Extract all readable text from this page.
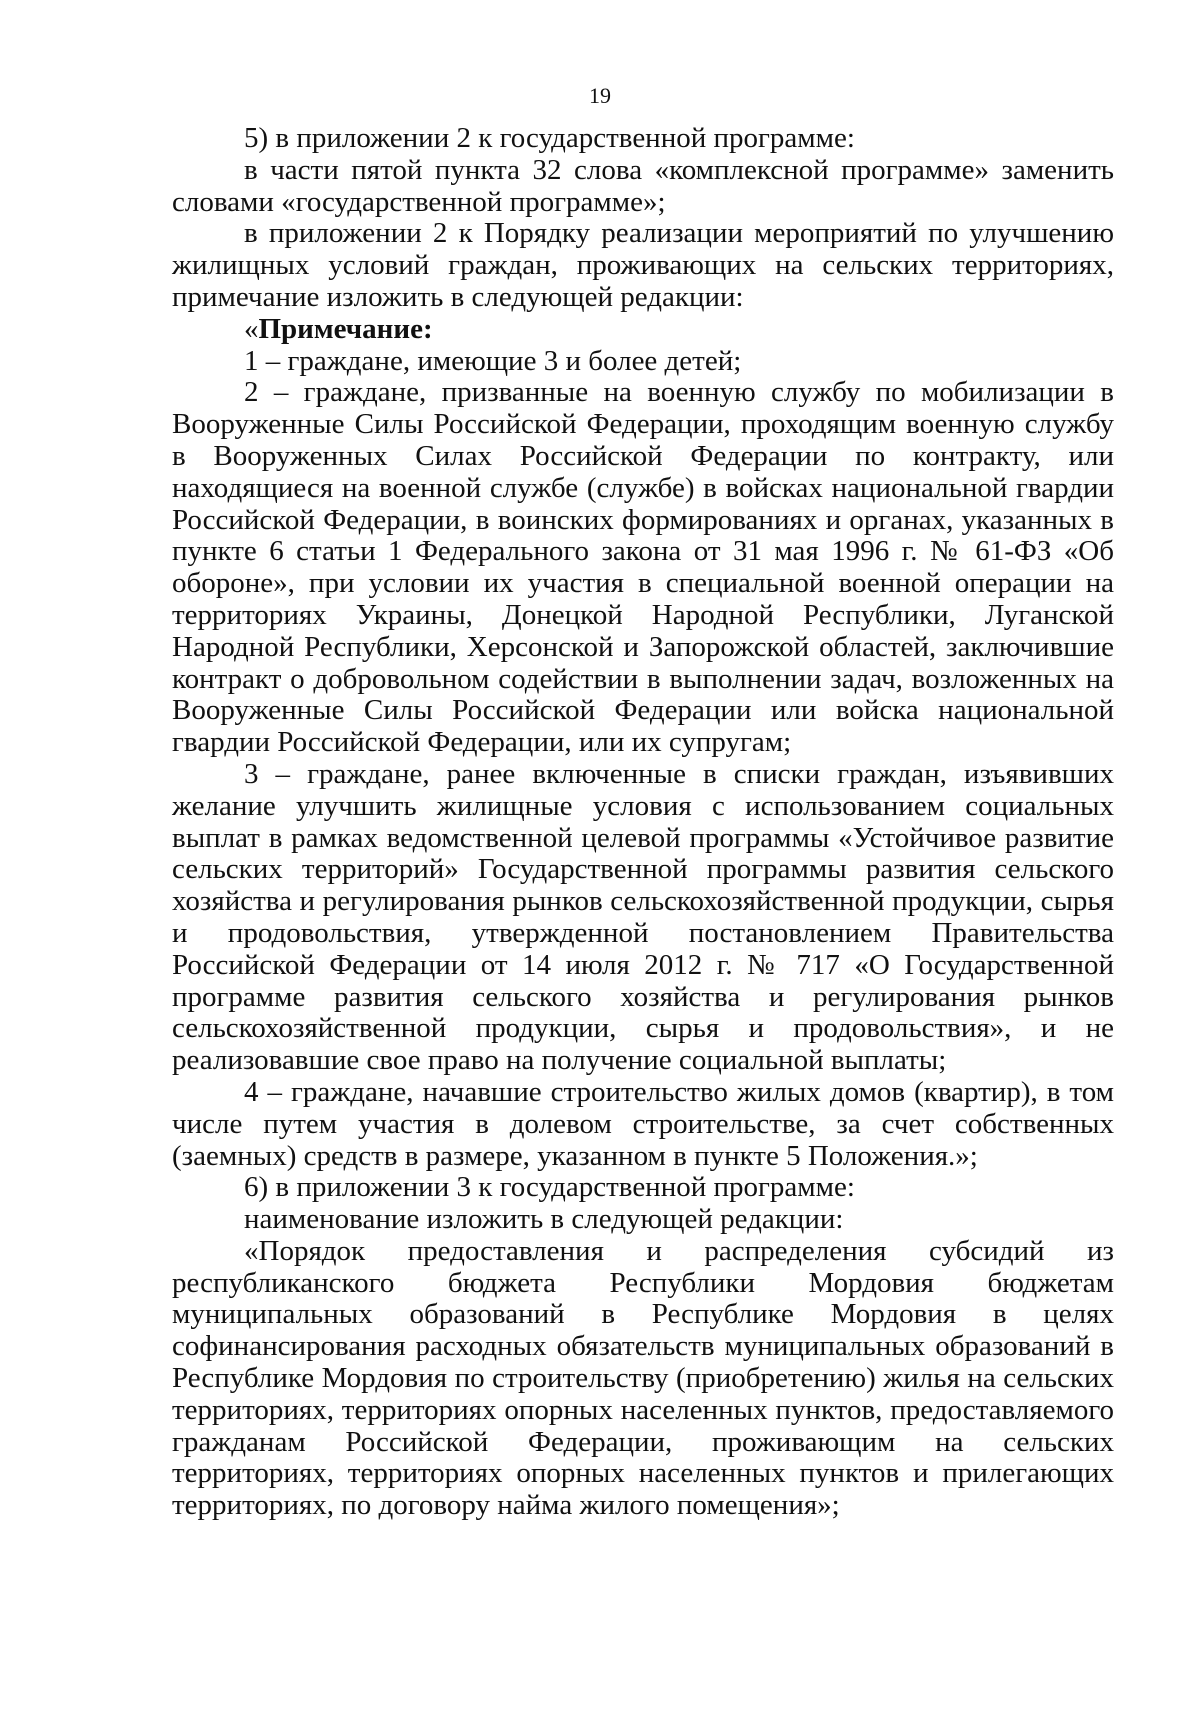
19

5) в приложении 2 к государственной программе:

в части пятой пункта 32 слова «комплексной программе» заменить словами «государственной программе»;

в приложении 2 к Порядку реализации мероприятий по улучшению жилищных условий граждан, проживающих на сельских территориях, примечание изложить в следующей редакции:

«Примечание:

1 – граждане, имеющие 3 и более детей;

2 – граждане, призванные на военную службу по мобилизации в Вооруженные Силы Российской Федерации, проходящим военную службу в Вооруженных Силах Российской Федерации по контракту, или находящиеся на военной службе (службе) в войсках национальной гвардии Российской Федерации, в воинских формированиях и органах, указанных в пункте 6 статьи 1 Федерального закона от 31 мая 1996 г. № 61-ФЗ «Об обороне», при условии их участия в специальной военной операции на территориях Украины, Донецкой Народной Республики, Луганской Народной Республики, Херсонской и Запорожской областей, заключившие контракт о добровольном содействии в выполнении задач, возложенных на Вооруженные Силы Российской Федерации или войска национальной гвардии Российской Федерации, или их супругам;

3 – граждане, ранее включенные в списки граждан, изъявивших желание улучшить жилищные условия с использованием социальных выплат в рамках ведомственной целевой программы «Устойчивое развитие сельских территорий» Государственной программы развития сельского хозяйства и регулирования рынков сельскохозяйственной продукции, сырья и продовольствия, утвержденной постановлением Правительства Российской Федерации от 14 июля 2012 г. № 717 «О Государственной программе развития сельского хозяйства и регулирования рынков сельскохозяйственной продукции, сырья и продовольствия», и не реализовавшие свое право на получение социальной выплаты;

4 – граждане, начавшие строительство жилых домов (квартир), в том числе путем участия в долевом строительстве, за счет собственных (заемных) средств в размере, указанном в пункте 5 Положения.»;

6) в приложении 3 к государственной программе:

наименование изложить в следующей редакции:

«Порядок предоставления и распределения субсидий из республиканского бюджета Республики Мордовия бюджетам муниципальных образований в Республике Мордовия в целях софинансирования расходных обязательств муниципальных образований в Республике Мордовия по строительству (приобретению) жилья на сельских территориях, территориях опорных населенных пунктов, предоставляемого гражданам Российской Федерации, проживающим на сельских территориях, территориях опорных населенных пунктов и прилегающих территориях, по договору найма жилого помещения»;
